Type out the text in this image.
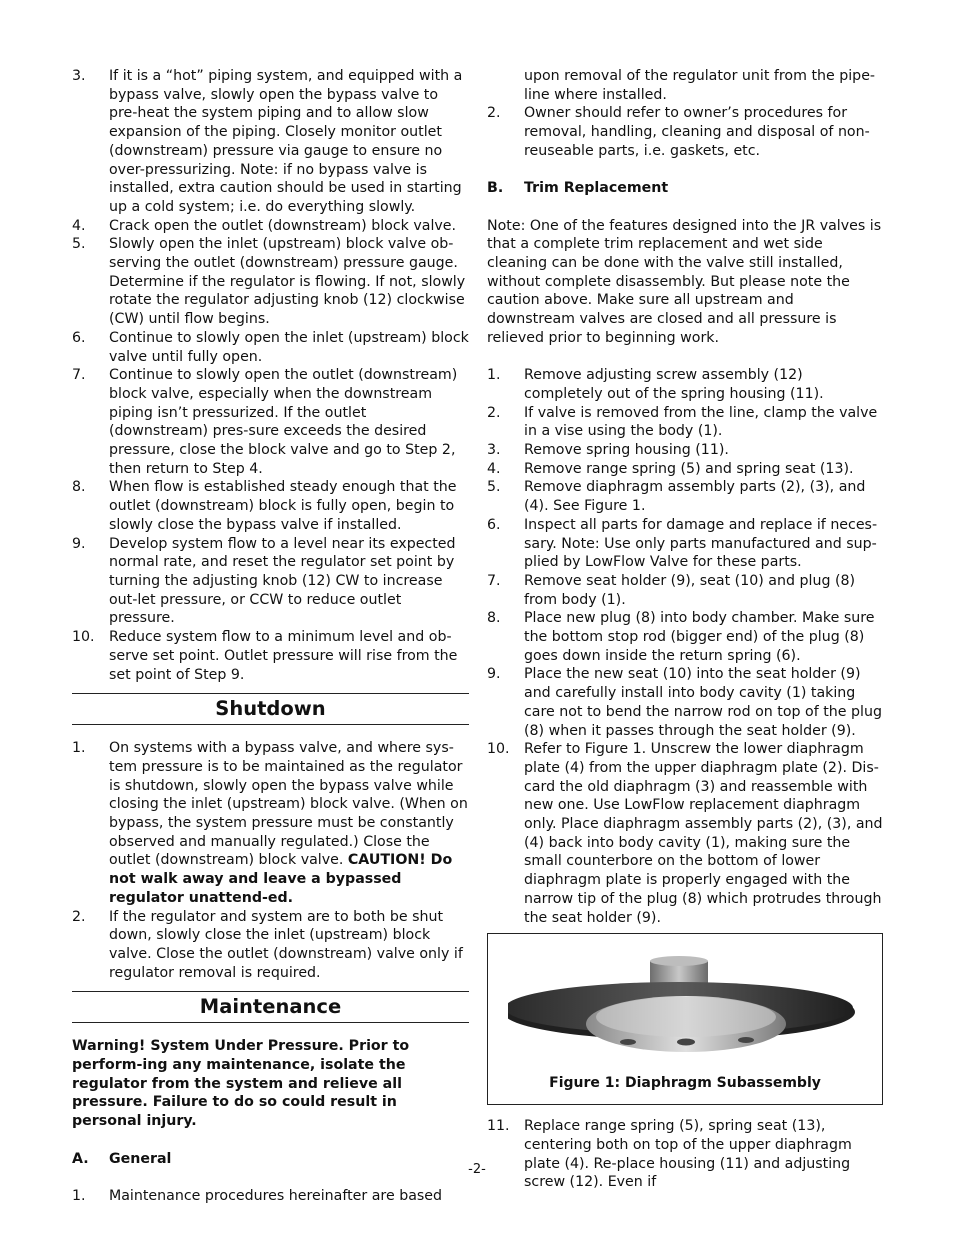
3.	If it is a “hot” piping system, and equipped with a bypass valve, slowly open the bypass valve to pre-heat the system piping and to allow slow expansion of the piping. Closely monitor outlet (downstream) pressure via gauge to ensure no over-pressurizing. Note: if no bypass valve is installed, extra caution should be used in starting up a cold system; i.e. do everything slowly.
4.	Crack open the outlet (downstream) block valve.
5.	Slowly open the inlet (upstream) block valve ob-serving the outlet (downstream) pressure gauge. Determine if the regulator is flowing. If not, slowly rotate the regulator adjusting knob (12) clockwise (CW) until flow begins.
6.	Continue to slowly open the inlet (upstream) block valve until fully open.
7.	Continue to slowly open the outlet (downstream) block valve, especially when the downstream piping isn’t pressurized. If the outlet (downstream) pres-sure exceeds the desired pressure, close the block valve and go to Step 2, then return to Step 4.
8.	When flow is established steady enough that the outlet (downstream) block is fully open, begin to slowly close the bypass valve if installed.
9.	Develop system flow to a level near its expected normal rate, and reset the regulator set point by turning the adjusting knob (12) CW to increase out-let pressure, or CCW to reduce outlet pressure.
10.	Reduce system flow to a minimum level and ob-serve set point. Outlet pressure will rise from the set point of Step 9.
Shutdown
1.	On systems with a bypass valve, and where sys-tem pressure is to be maintained as the regulator is shutdown, slowly open the bypass valve while closing the inlet (upstream) block valve. (When on bypass, the system pressure must be constantly observed and manually regulated.) Close the outlet (downstream) block valve. CAUTION! Do not walk away and leave a bypassed regulator unattend-ed.
2.	If the regulator and system are to both be shut down, slowly close the inlet (upstream) block valve. Close the outlet (downstream) valve only if regulator removal is required.
Maintenance
Warning! System Under Pressure. Prior to perform-ing any maintenance, isolate the regulator from the system and relieve all pressure. Failure to do so could result in personal injury.
A.	General
1.	Maintenance procedures hereinafter are based
upon removal of the regulator unit from the pipe-line where installed.
2.	Owner should refer to owner’s procedures for removal, handling, cleaning and disposal of non-reuseable parts, i.e. gaskets, etc.
B.	Trim Replacement
Note: One of the features designed into the JR valves is that a complete trim replacement and wet side cleaning can be done with the valve still installed, without complete disassembly. But please note the caution above. Make sure all upstream and downstream valves are closed and all pressure is relieved prior to beginning work.
1.	Remove adjusting screw assembly (12) completely out of the spring housing (11).
2.	If valve is removed from the line, clamp the valve in a vise using the body (1).
3.	Remove spring housing (11).
4.	Remove range spring (5) and spring seat (13).
5.	Remove diaphragm assembly parts (2), (3), and (4). See Figure 1.
6.	Inspect all parts for damage and replace if neces-sary. Note: Use only parts manufactured and sup-plied by LowFlow Valve for these parts.
7.	Remove seat holder (9), seat (10) and plug (8) from body (1).
8.	Place new plug (8) into body chamber. Make sure the bottom stop rod (bigger end) of the plug (8) goes down inside the return spring (6).
9.	Place the new seat (10) into the seat holder (9) and carefully install into body cavity (1) taking care not to bend the narrow rod on top of the plug (8) when it passes through the seat holder (9).
10.	Refer to Figure 1. Unscrew the lower diaphragm plate (4) from the upper diaphragm plate (2). Dis-card the old diaphragm (3) and reassemble with new one. Use LowFlow replacement diaphragm only. Place diaphragm assembly parts (2), (3), and (4) back into body cavity (1), making sure the small counterbore on the bottom of lower diaphragm plate is properly engaged with the narrow tip of the plug (8) which protrudes through the seat holder (9).
Figure 1: Diaphragm Subassembly
11.	Replace range spring (5), spring seat (13), centering both on top of the upper diaphragm plate (4). Re-place housing (11) and adjusting screw (12). Even if
-2-
